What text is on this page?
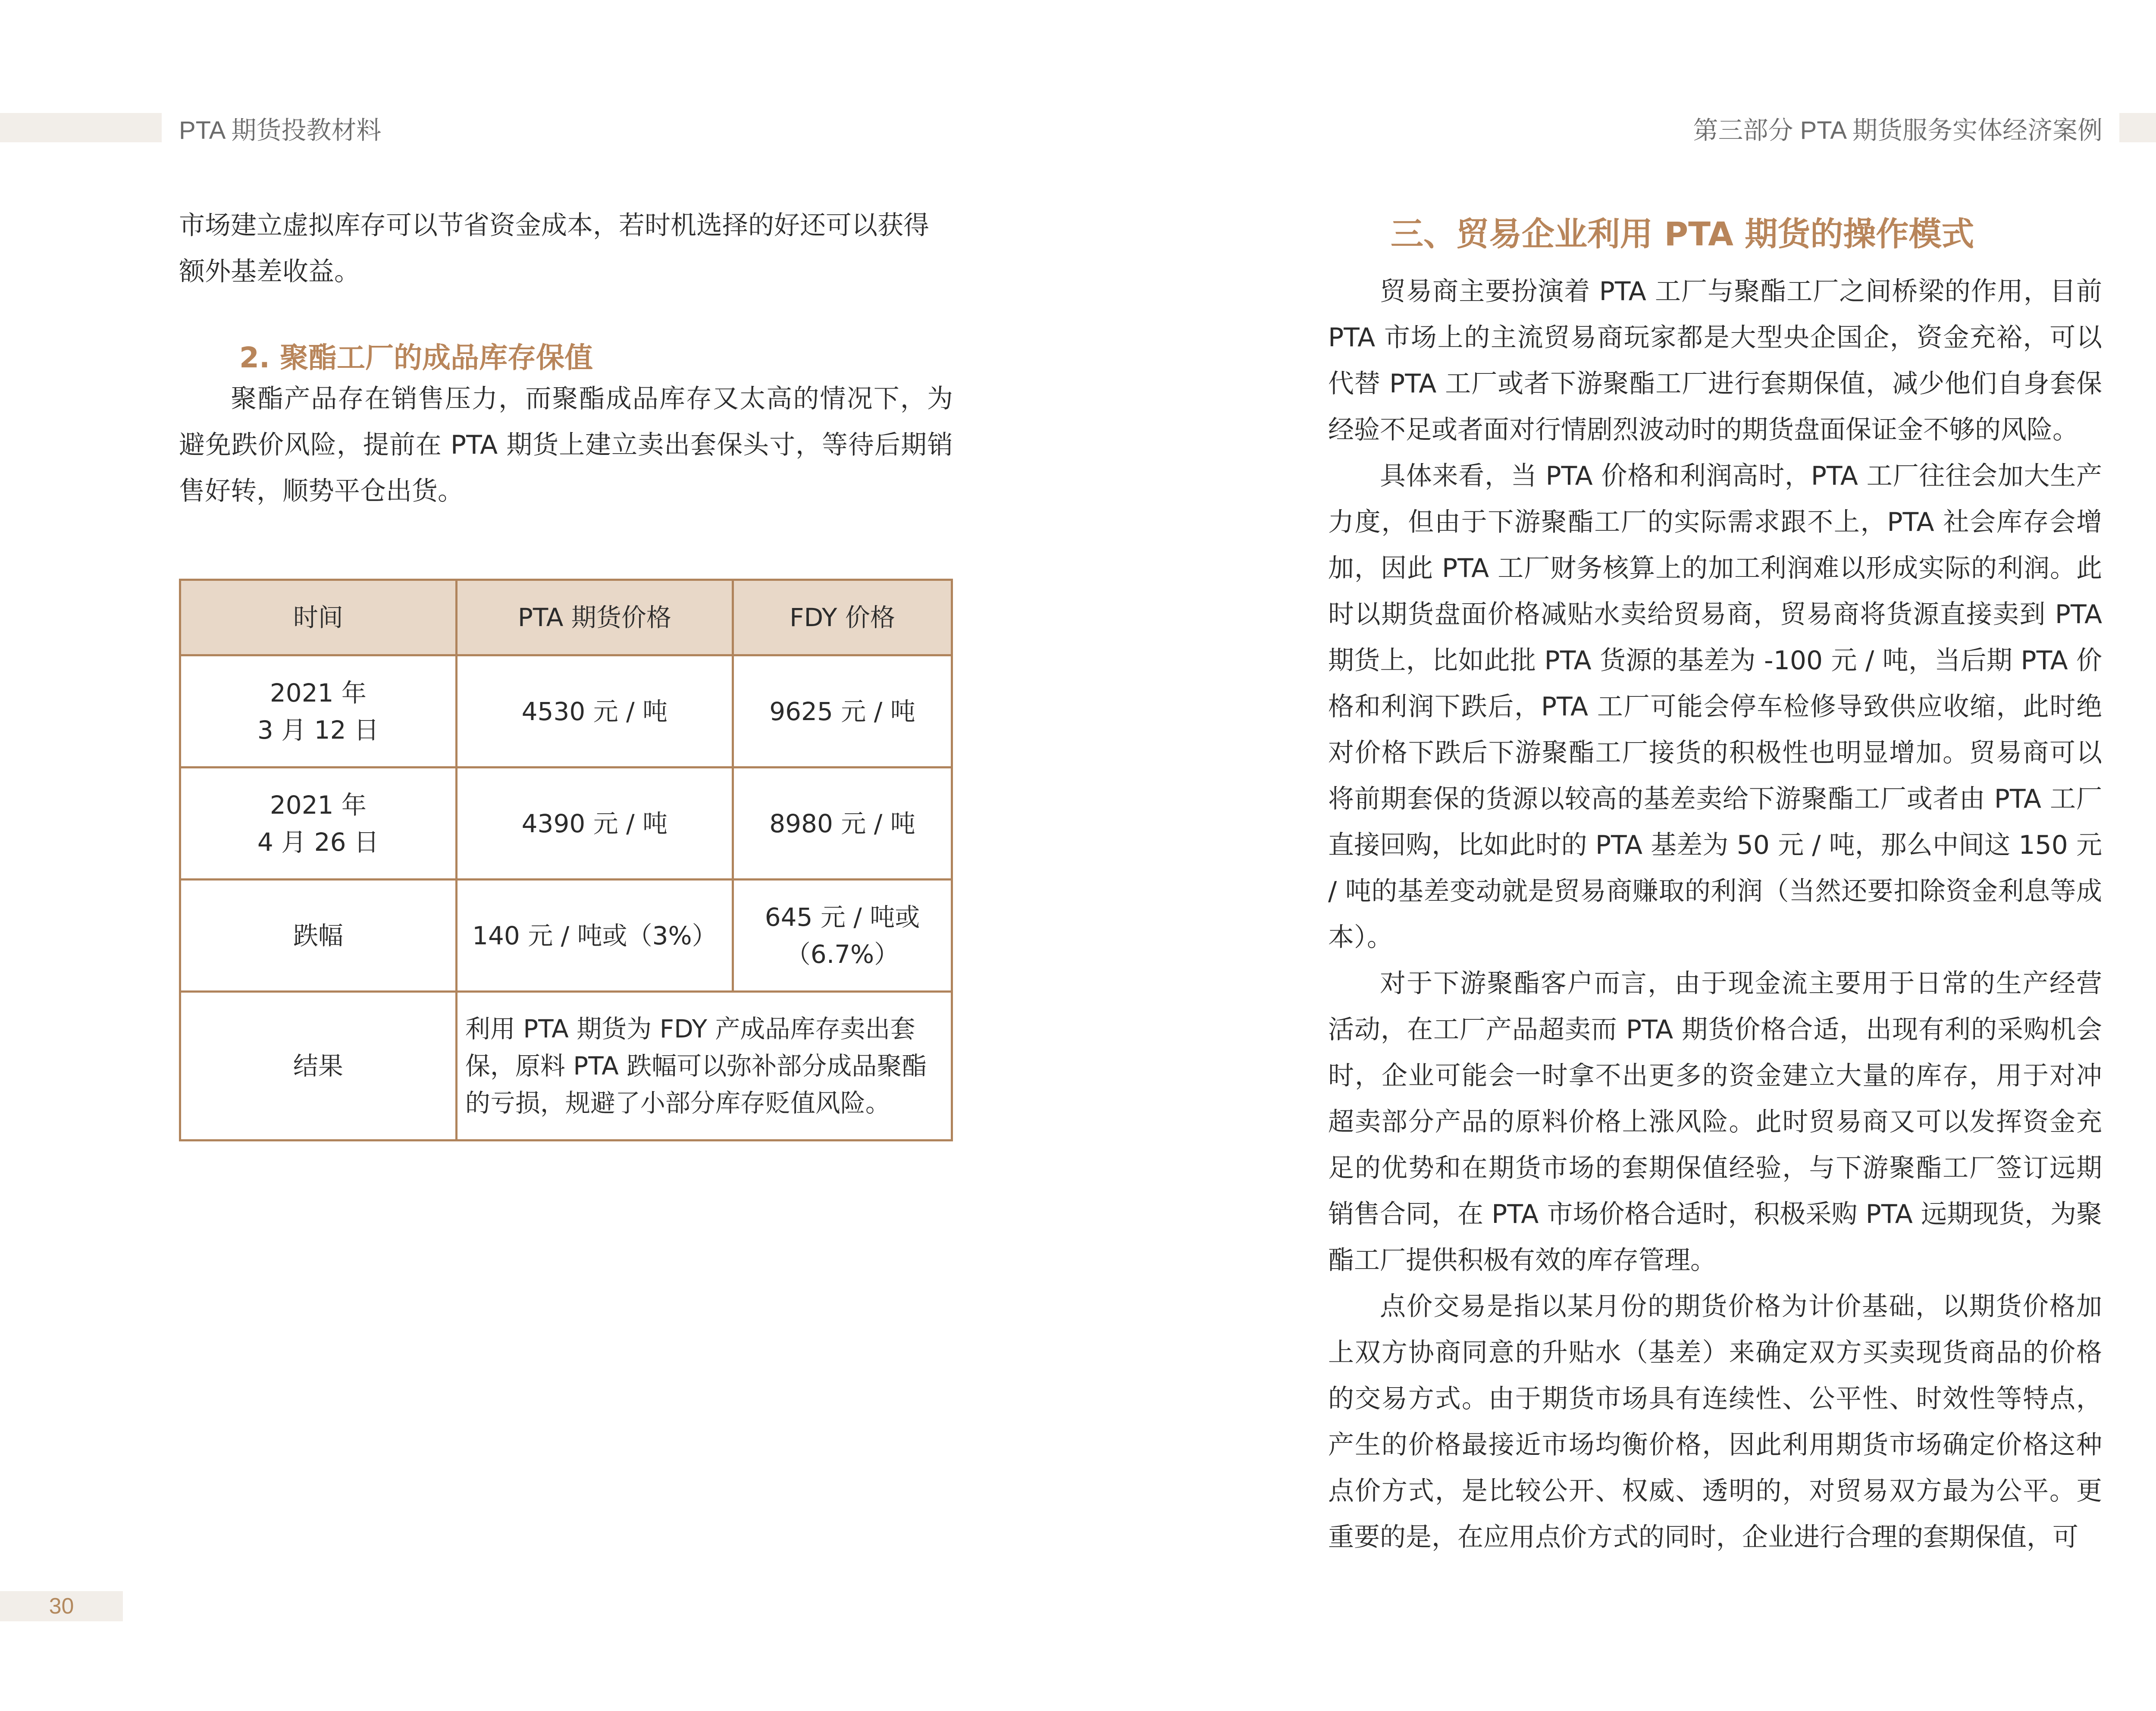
PTA 期货投教材料	第三部分 PTA 期货服务实体经济案例

市场建立虚拟库存可以节省资金成本，若时机选择的好还可以获得

额外基差收益。

2. 聚酯工厂的成品库存保值

聚酯产品存在销售压力，而聚酯成品库存又太高的情况下，为避免跌价风险，提前在 PTA 期货上建立卖出套保头寸，等待后期销售好转，顺势平仓出货。

时间	PTA 期货价格	FDY 价格

2021 年
3 月 12 日	4530 元 / 吨	9625 元 / 吨

2021 年
4 月 26 日	4390 元 / 吨	8980 元 / 吨
跌幅	140 元 / 吨或（3%）	645 元 / 吨或
（6.7%）

结果	利用 PTA 期货为 FDY 产成品库存卖出套
保，原料 PTA 跌幅可以弥补部分成品聚酯
的亏损，规避了小部分库存贬值风险。	
三、贸易企业利用 PTA 期货的操作模式

贸易商主要扮演着 PTA 工厂与聚酯工厂之间桥梁的作用，目前 PTA 市场上的主流贸易商玩家都是大型央企国企，资金充裕，可以代替 PTA 工厂或者下游聚酯工厂进行套期保值，减少他们自身套保经验不足或者面对行情剧烈波动时的期货盘面保证金不够的风险。

具体来看，当 PTA 价格和利润高时，PTA 工厂往往会加大生产力度，但由于下游聚酯工厂的实际需求跟不上，PTA 社会库存会增加，因此 PTA 工厂财务核算上的加工利润难以形成实际的利润。此时以期货盘面价格减贴水卖给贸易商，贸易商将货源直接卖到 PTA 期货上，比如此批 PTA 货源的基差为 -100 元 / 吨，当后期 PTA 价格和利润下跌后，PTA 工厂可能会停车检修导致供应收缩，此时绝对价格下跌后下游聚酯工厂接货的积极性也明显增加。贸易商可以将前期套保的货源以较高的基差卖给下游聚酯工厂或者由 PTA 工厂直接回购，比如此时的 PTA 基差为 50 元 / 吨，那么中间这 150 元 / 吨的基差变动就是贸易商赚取的利润（当然还要扣除资金利息等成本）。

对于下游聚酯客户而言，由于现金流主要用于日常的生产经营活动，在工厂产品超卖而 PTA 期货价格合适，出现有利的采购机会时，企业可能会一时拿不出更多的资金建立大量的库存，用于对冲超卖部分产品的原料价格上涨风险。此时贸易商又可以发挥资金充足的优势和在期货市场的套期保值经验，与下游聚酯工厂签订远期销售合同，在 PTA 市场价格合适时，积极采购 PTA 远期现货，为聚酯工厂提供积极有效的库存管理。

点价交易是指以某月份的期货价格为计价基础，以期货价格加上双方协商同意的升贴水（基差）来确定双方买卖现货商品的价格的交易方式。由于期货市场具有连续性、公平性、时效性等特点，产生的价格最接近市场均衡价格，因此利用期货市场确定价格这种点价方式，是比较公开、权威、透明的，对贸易双方最为公平。更重要的是，在应用点价方式的同时，企业进行合理的套期保值，可

30
